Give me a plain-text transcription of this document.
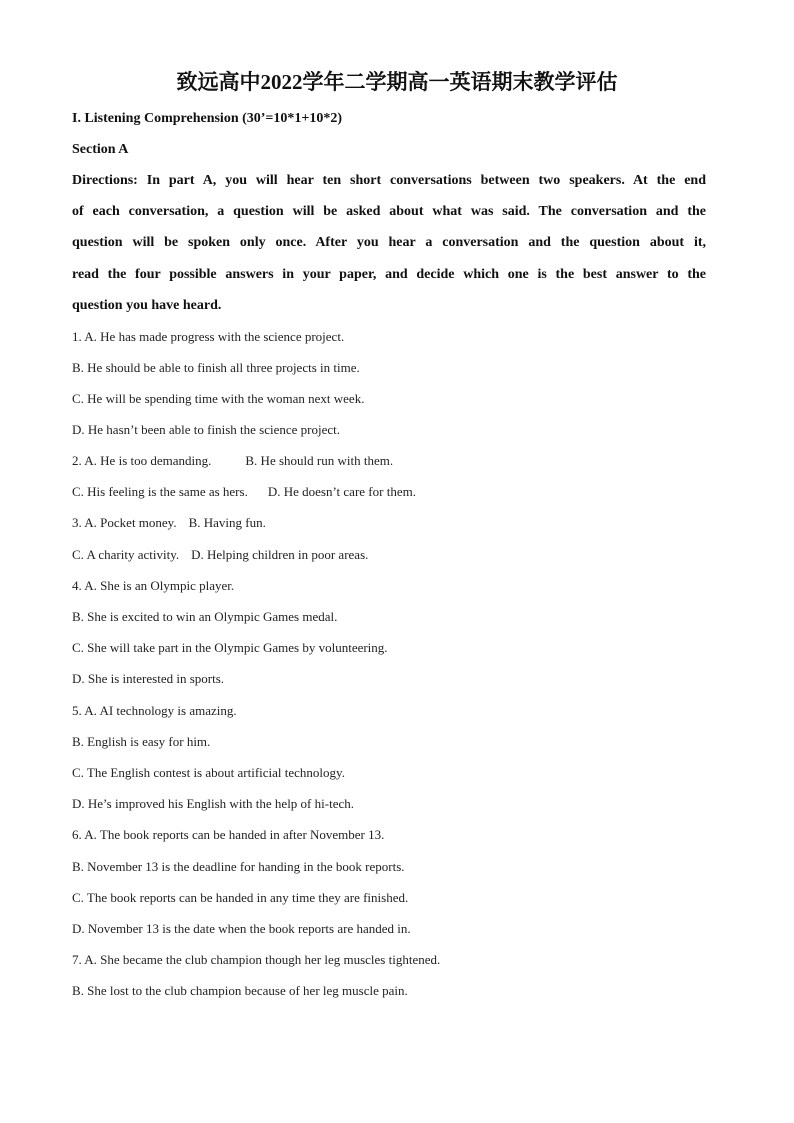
致远高中2022学年二学期高一英语期末教学评估
I. Listening Comprehension (30’=10*1+10*2)
Section A
Directions: In part A, you will hear ten short conversations between two speakers. At the end
of each conversation, a question will be asked about what was said. The conversation and the
question will be spoken only once. After you hear a conversation and the question about it,
read the four possible answers in your paper, and decide which one is the best answer to the
question you have heard.
1. A. He has made progress with the science project.
B. He should be able to finish all three projects in time.
C. He will be spending time with the woman next week.
D. He hasn’t been able to finish the science project.
2. A. He is too demanding.	B. He should run with them.
C. His feeling is the same as hers. D. He doesn’t care for them.
3. A. Pocket money. B. Having fun.
C. A charity activity. D. Helping children in poor areas.
4. A. She is an Olympic player.
B. She is excited to win an Olympic Games medal.
C. She will take part in the Olympic Games by volunteering.
D. She is interested in sports.
5. A. AI technology is amazing.
B. English is easy for him.
C. The English contest is about artificial technology.
D. He’s improved his English with the help of hi-tech.
6. A. The book reports can be handed in after November 13.
B. November 13 is the deadline for handing in the book reports.
C. The book reports can be handed in any time they are finished.
D. November 13 is the date when the book reports are handed in.
7. A. She became the club champion though her leg muscles tightened.
B. She lost to the club champion because of her leg muscle pain.
